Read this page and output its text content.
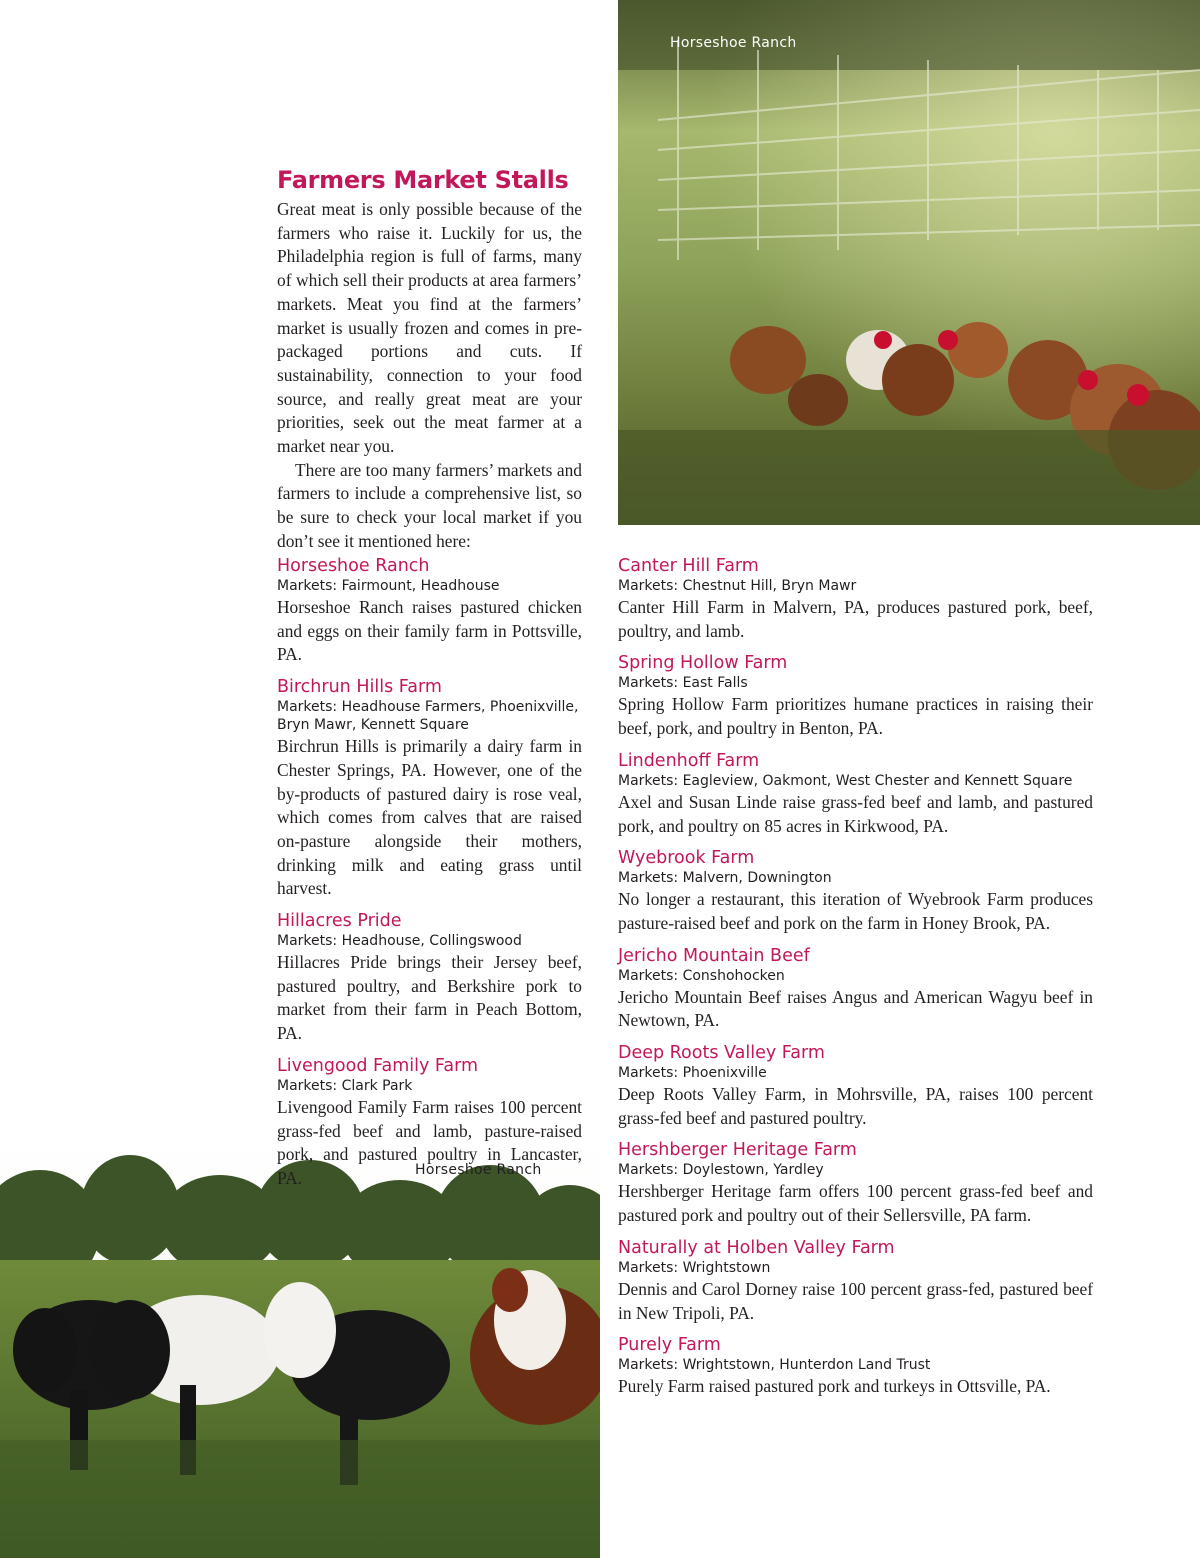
Horseshoe Ranch
Horseshoe Ranch
Farmers Market Stalls

Great meat is only possible because of the farmers who raise it. Luckily for us, the Philadelphia region is full of farms, many of which sell their products at area farmers’ markets. Meat you find at the farmers’ market is usually frozen and comes in pre-packaged portions and cuts. If sustainability, connection to your food source, and really great meat are your priorities, seek out the meat farmer at a market near you.

There are too many farmers’ markets and farmers to include a comprehensive list, so be sure to check your local market if you don’t see it mentioned here:

Horseshoe Ranch
Markets: Fairmount, Headhouse
Horseshoe Ranch raises pastured chicken and eggs on their family farm in Pottsville, PA.
Birchrun Hills Farm
Markets: Headhouse Farmers, Phoenixville, Bryn Mawr, Kennett Square
Birchrun Hills is primarily a dairy farm in Chester Springs, PA. However, one of the by-products of pastured dairy is rose veal, which comes from calves that are raised on-pasture alongside their mothers, drinking milk and eating grass until harvest.
Hillacres Pride
Markets: Headhouse, Collingswood
Hillacres Pride brings their Jersey beef, pastured poultry, and Berkshire pork to market from their farm in Peach Bottom, PA.
Livengood Family Farm
Markets: Clark Park
Livengood Family Farm raises 100 percent grass-fed beef and lamb, pasture-raised pork, and pastured poultry in Lancaster, PA.
Canter Hill Farm
Markets: Chestnut Hill, Bryn Mawr
Canter Hill Farm in Malvern, PA, produces pastured pork, beef, poultry, and lamb.
Spring Hollow Farm
Markets: East Falls
Spring Hollow Farm prioritizes humane practices in raising their beef, pork, and poultry in Benton, PA.
Lindenhoff Farm
Markets: Eagleview, Oakmont, West Chester and Kennett Square
Axel and Susan Linde raise grass-fed beef and lamb, and pastured pork, and poultry on 85 acres in Kirkwood, PA.
Wyebrook Farm
Markets: Malvern, Downington
No longer a restaurant, this iteration of Wyebrook Farm produces pasture-raised beef and pork on the farm in Honey Brook, PA.
Jericho Mountain Beef
Markets: Conshohocken
Jericho Mountain Beef raises Angus and American Wagyu beef in Newtown, PA.
Deep Roots Valley Farm
Markets: Phoenixville
Deep Roots Valley Farm, in Mohrsville, PA, raises 100 percent grass-fed beef and pastured poultry.
Hershberger Heritage Farm
Markets: Doylestown, Yardley
Hershberger Heritage farm offers 100 percent grass-fed beef and pastured pork and poultry out of their Sellersville, PA farm.
Naturally at Holben Valley Farm
Markets: Wrightstown
Dennis and Carol Dorney raise 100 percent grass-fed, pastured beef in New Tripoli, PA.
Purely Farm
Markets: Wrightstown, Hunterdon Land Trust
Purely Farm raised pastured pork and turkeys in Ottsville, PA.
